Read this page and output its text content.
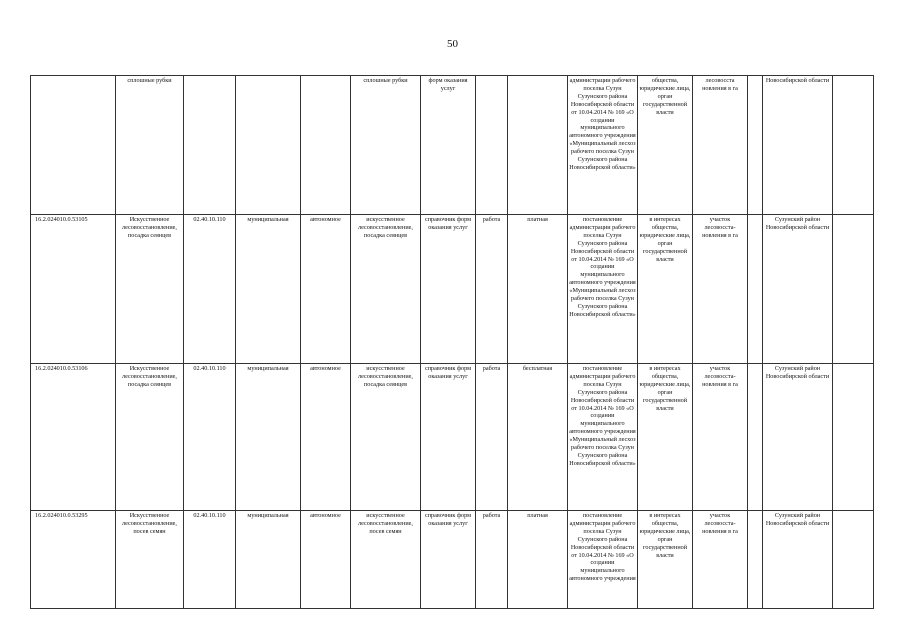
50
	сплошные рубки				сплошные рубки	форм оказания услуг			администрации рабочего поселка Сузун Сузунского района Новосибирской области от 10.04.2014 № 169 «О создании муниципального автономного учреждения «Муниципальный лесхоз рабочего поселка Сузун Сузунского района Новосибирской области»	общества, юридические лица, орган государственной власти	лесовосста новления в га		Новосибирской области	
16.2.024010.0.53105	Искусственное лесовосстановление, посадка сеянцев	02.40.10.110	муниципальная	автономное	искусственное лесовосстановление, посадка сеянцев	справочник форм оказания услуг	работа	платная	постановление администрации рабочего поселка Сузун Сузунского района Новосибирской области от 10.04.2014 № 169 «О создании муниципального автономного учреждения «Муниципальный лесхоз рабочего поселка Сузун Сузунского района Новосибирской области»	в интересах общества, юридические лица, орган государственной власти	участок лесовосста-новления в га		Сузунский район Новосибирской области	
16.2.024010.0.53106	Искусственное лесовосстановление, посадка сеянцев	02.40.10.110	муниципальная	автономное	искусственное лесовосстановление, посадка сеянцев	справочник форм оказания услуг	работа	бесплатная	постановление администрации рабочего поселка Сузун Сузунского района Новосибирской области от 10.04.2014 № 169 «О создании муниципального автономного учреждения «Муниципальный лесхоз рабочего поселка Сузун Сузунского района Новосибирской области»	в интересах общества, юридические лица, орган государственной власти	участок лесовосста-новления в га		Сузунский район Новосибирской области	
16.2.024010.0.53295	Искусственное лесовосстановление, посев семян	02.40.10.110	муниципальная	автономное	искусственное лесовосстановление, посев семян	справочник форм оказания услуг	работа	платная	постановление администрации рабочего поселка Сузун Сузунского района Новосибирской области от 10.04.2014 № 169 «О создании муниципального автономного учреждения	в интересах общества, юридические лица, орган государственной власти	участок лесовосста-новления в га		Сузунский район Новосибирской области	
